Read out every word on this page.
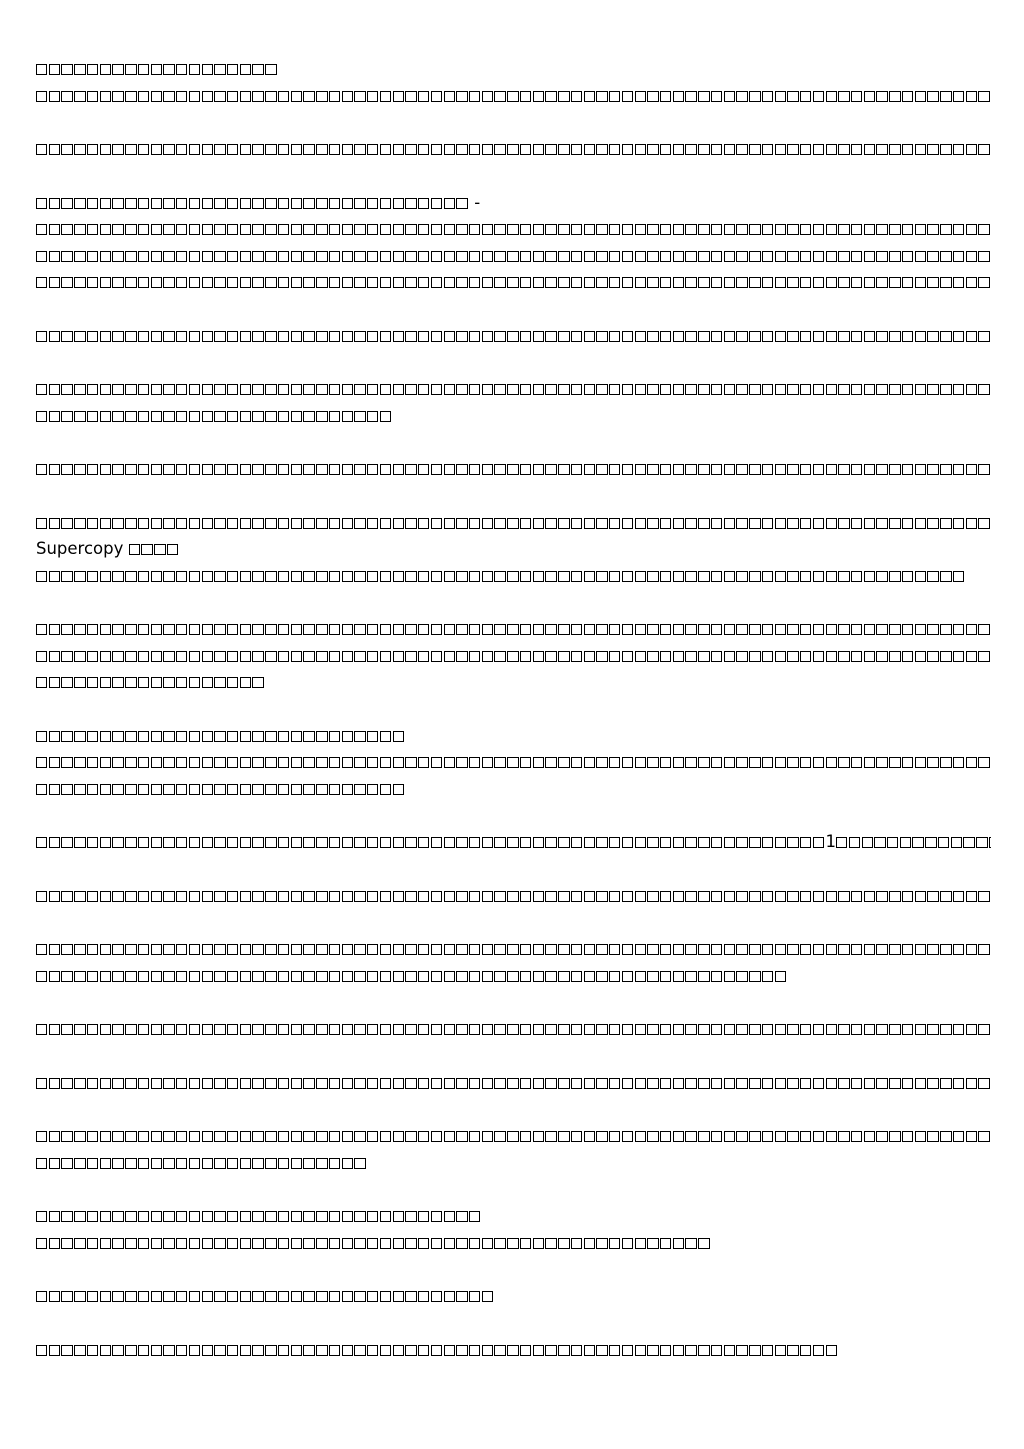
-
Supercopy
1
